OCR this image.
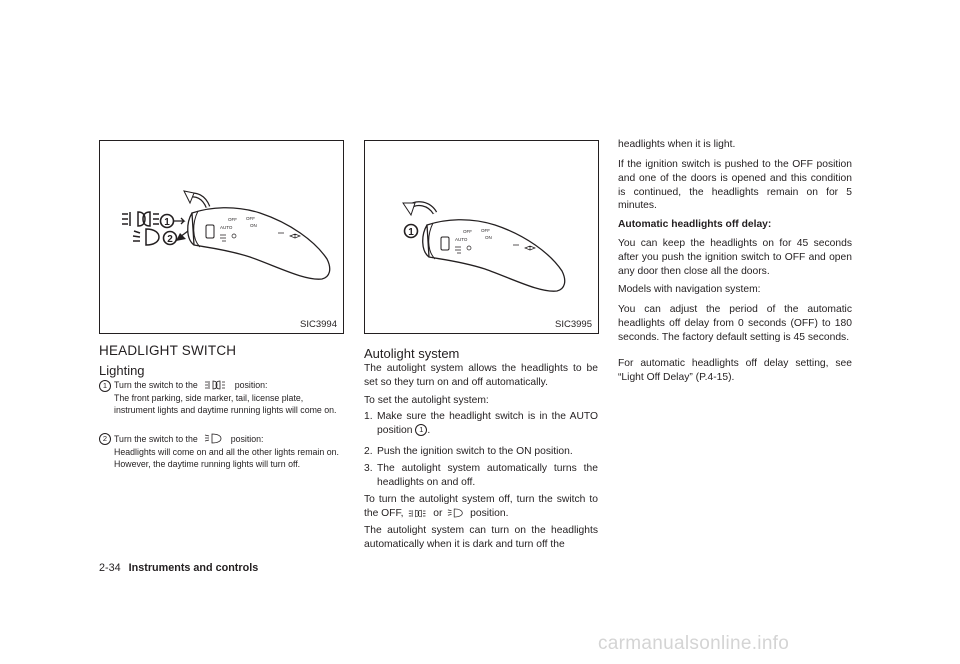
OFF
AUTO
OFF
ON
1
2
SIC3994
OFF
AUTO
OFF
ON
1
SIC3995
HEADLIGHT SWITCH
Lighting
1 Turn the switch to the	position:
The front parking, side marker, tail, license plate, instrument lights and daytime running lights will come on.
2 Turn the switch to the	position:
Headlights will come on and all the other lights remain on. However, the daytime running lights will turn off.
Autolight system
The autolight system allows the headlights to be set so they turn on and off automatically.
To set the autolight system:
1. Make sure the headlight switch is in the AUTO position 1 .
2. Push the ignition switch to the ON position.
3. The autolight system automatically turns the headlights on and off.
To turn the autolight system off, turn the switch to the OFF,	or	position.
The autolight system can turn on the headlights automatically when it is dark and turn off the
headlights when it is light.
If the ignition switch is pushed to the OFF position and one of the doors is opened and this condition is continued, the headlights remain on for 5 minutes.
Automatic headlights off delay:
You can keep the headlights on for 45 seconds after you push the ignition switch to OFF and open any door then close all the doors.
Models with navigation system:
You can adjust the period of the automatic headlights off delay from 0 seconds (OFF) to 180 seconds. The factory default setting is 45 seconds.
For automatic headlights off delay setting, see “Light Off Delay” (P.4-15).
2-34 Instruments and controls
carmanualsonline.info
